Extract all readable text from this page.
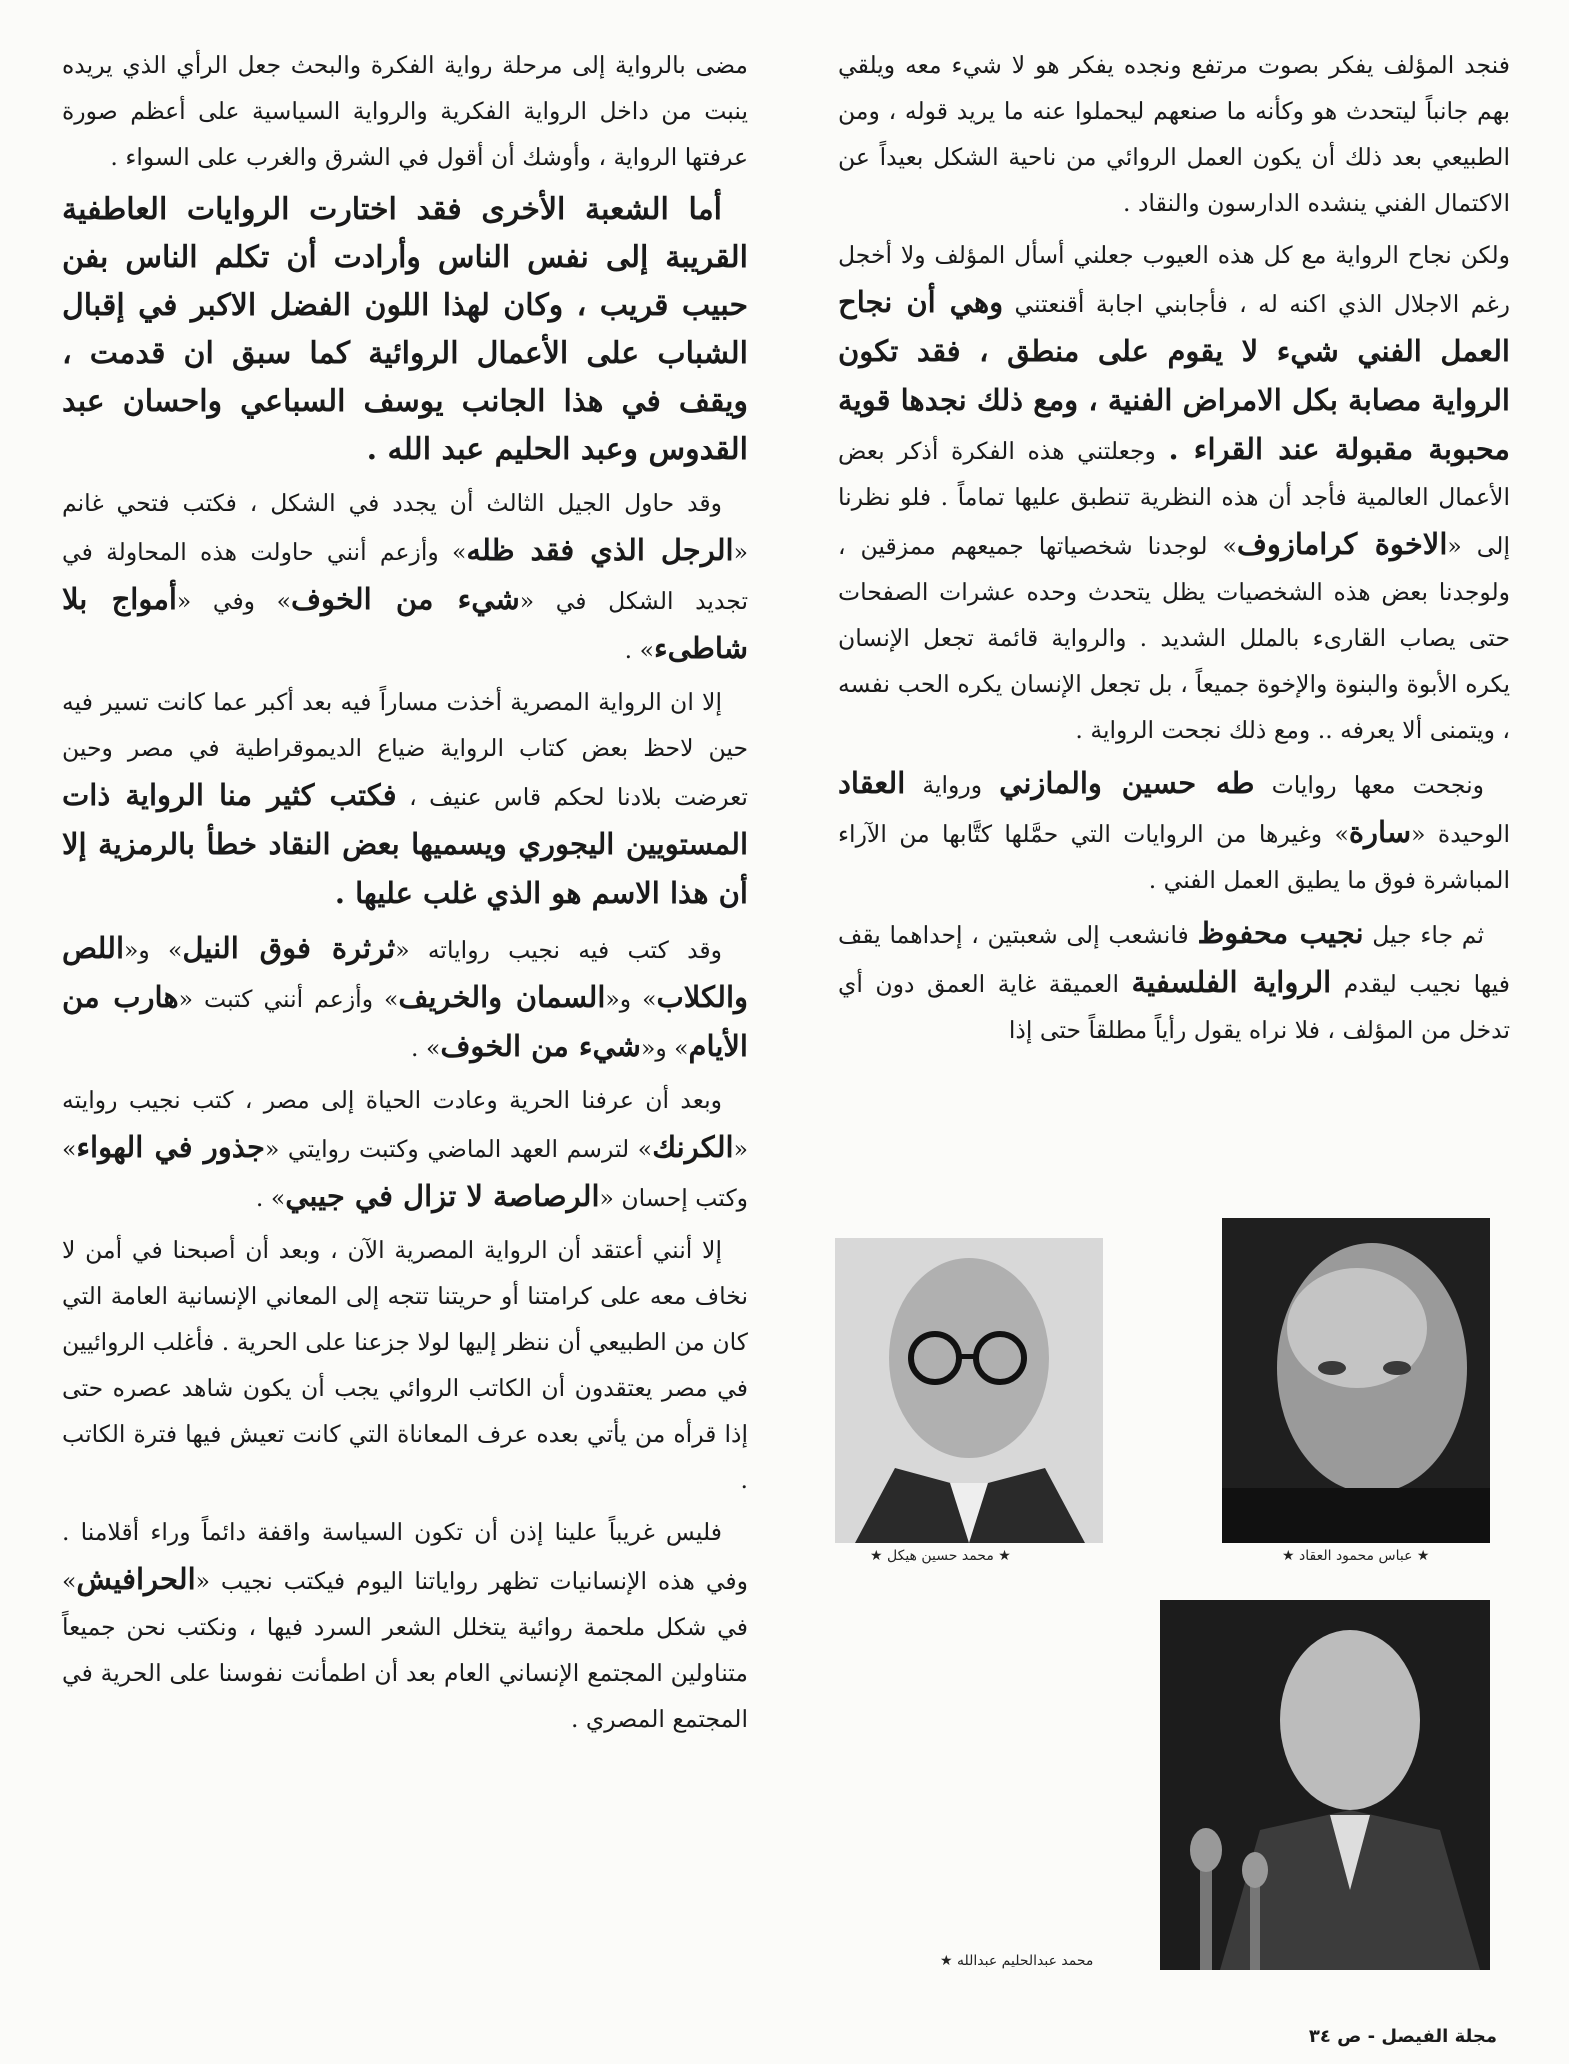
فنجد المؤلف يفكر بصوت مرتفع ونجده يفكر هو لا شيء معه ويلقي بهم جانباً ليتحدث هو وكأنه ما صنعهم ليحملوا عنه ما يريد قوله ، ومن الطبيعي بعد ذلك أن يكون العمل الروائي من ناحية الشكل بعيداً عن الاكتمال الفني ينشده الدارسون والنقاد .

ولكن نجاح الرواية مع كل هذه العيوب جعلني أسأل المؤلف ولا أخجل رغم الاجلال الذي اكنه له ، فأجابني اجابة أقنعتني وهي أن نجاح العمل الفني شيء لا يقوم على منطق ، فقد تكون الرواية مصابة بكل الامراض الفنية ، ومع ذلك نجدها قوية محبوبة مقبولة عند القراء . وجعلتني هذه الفكرة أذكر بعض الأعمال العالمية فأجد أن هذه النظرية تنطبق عليها تماماً . فلو نظرنا إلى «الاخوة كرامازوف» لوجدنا شخصياتها جميعهم ممزقين ، ولوجدنا بعض هذه الشخصيات يظل يتحدث وحده عشرات الصفحات حتى يصاب القارىء بالملل الشديد . والرواية قائمة تجعل الإنسان يكره الأبوة والبنوة والإخوة جميعاً ، بل تجعل الإنسان يكره الحب نفسه ، ويتمنى ألا يعرفه .. ومع ذلك نجحت الرواية .

ونجحت معها روايات طه حسين والمازني ورواية العقاد الوحيدة «سارة» وغيرها من الروايات التي حمَّلها كتَّابها من الآراء المباشرة فوق ما يطيق العمل الفني .

ثم جاء جيل نجيب محفوظ فانشعب إلى شعبتين ، إحداهما يقف فيها نجيب ليقدم الرواية الفلسفية العميقة غاية العمق دون أي تدخل من المؤلف ، فلا نراه يقول رأياً مطلقاً حتى إذا

مضى بالرواية إلى مرحلة رواية الفكرة والبحث جعل الرأي الذي يريده ينبت من داخل الرواية الفكرية والرواية السياسية على أعظم صورة عرفتها الرواية ، وأوشك أن أقول في الشرق والغرب على السواء .

أما الشعبة الأخرى فقد اختارت الروايات العاطفية القريبة إلى نفس الناس وأرادت أن تكلم الناس بفن حبيب قريب ، وكان لهذا اللون الفضل الاكبر في إقبال الشباب على الأعمال الروائية كما سبق ان قدمت ، ويقف في هذا الجانب يوسف السباعي واحسان عبد القدوس وعبد الحليم عبد الله .

وقد حاول الجيل الثالث أن يجدد في الشكل ، فكتب فتحي غانم «الرجل الذي فقد ظله» وأزعم أنني حاولت هذه المحاولة في تجديد الشكل في «شيء من الخوف» وفي «أمواج بلا شاطىء» .

إلا ان الرواية المصرية أخذت مساراً فيه بعد أكبر عما كانت تسير فيه حين لاحظ بعض كتاب الرواية ضياع الديموقراطية في مصر وحين تعرضت بلادنا لحكم قاس عنيف ، فكتب كثير منا الرواية ذات المستويين اليجوري ويسميها بعض النقاد خطأ بالرمزية إلا أن هذا الاسم هو الذي غلب عليها .

وقد كتب فيه نجيب رواياته «ثرثرة فوق النيل» و«اللص والكلاب» و«السمان والخريف» وأزعم أنني كتبت «هارب من الأيام» و«شيء من الخوف» .

وبعد أن عرفنا الحرية وعادت الحياة إلى مصر ، كتب نجيب روايته «الكرنك» لترسم العهد الماضي وكتبت روايتي «جذور في الهواء» وكتب إحسان «الرصاصة لا تزال في جيبي» .

إلا أنني أعتقد أن الرواية المصرية الآن ، وبعد أن أصبحنا في أمن لا نخاف معه على كرامتنا أو حريتنا تتجه إلى المعاني الإنسانية العامة التي كان من الطبيعي أن ننظر إليها لولا جزعنا على الحرية . فأغلب الروائيين في مصر يعتقدون أن الكاتب الروائي يجب أن يكون شاهد عصره حتى إذا قرأه من يأتي بعده عرف المعاناة التي كانت تعيش فيها فترة الكاتب .

فليس غريباً علينا إذن أن تكون السياسة واقفة دائماً وراء أقلامنا . وفي هذه الإنسانيات تظهر رواياتنا اليوم فيكتب نجيب «الحرافيش» في شكل ملحمة روائية يتخلل الشعر السرد فيها ، ونكتب نحن جميعاً متناولين المجتمع الإنساني العام بعد أن اطمأنت نفوسنا على الحرية في المجتمع المصري .

★ عباس محمود العقاد ★
★ محمد حسين هيكل ★
محمد عبدالحليم عبدالله ★
مجلة الفيصل - ص ٣٤
